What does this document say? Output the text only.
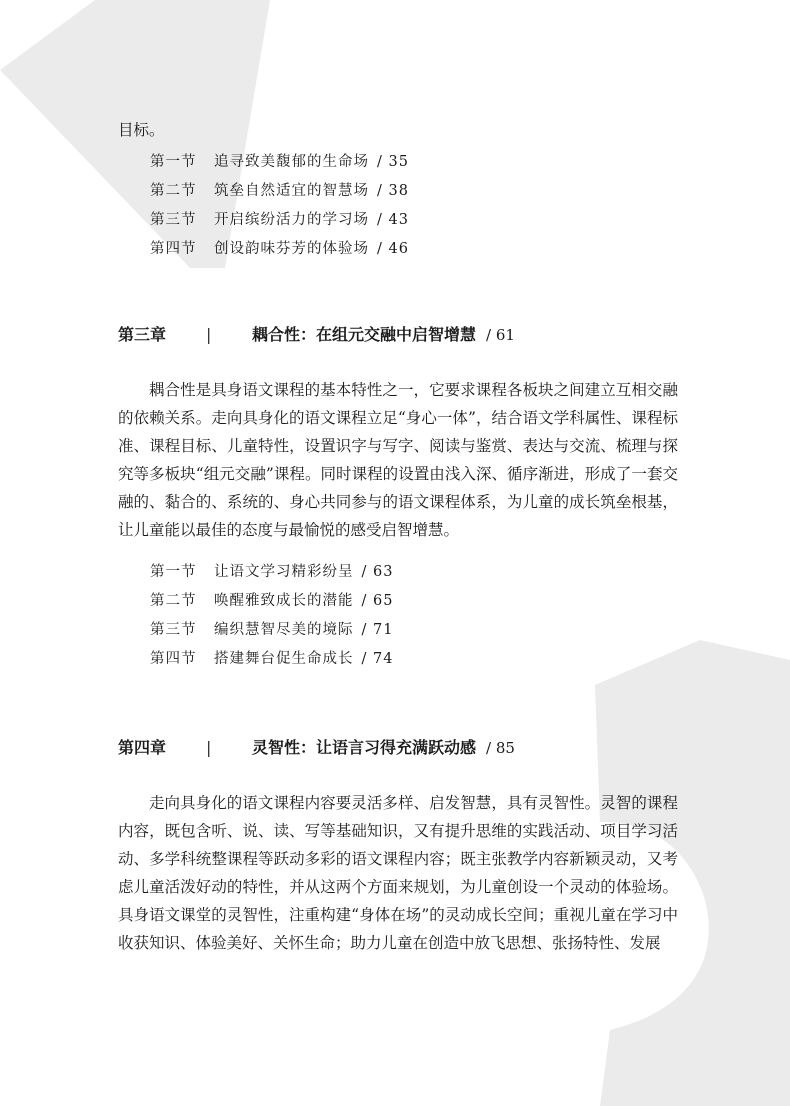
目标。
第一节 追寻致美馥郁的生命场 / 35
第二节 筑垒自然适宜的智慧场 / 38
第三节 开启缤纷活力的学习场 / 43
第四节 创设韵味芬芳的体验场 / 46
第三章 |	耦合性：在组元交融中启智增慧 / 61

耦合性是具身语文课程的基本特性之一，它要求课程各板块之间建立互相交融的依赖关系。走向具身化的语文课程立足“身心一体”，结合语文学科属性、课程标准、课程目标、儿童特性，设置识字与写字、阅读与鉴赏、表达与交流、梳理与探究等多板块“组元交融”课程。同时课程的设置由浅入深、循序渐进，形成了一套交融的、黏合的、系统的、身心共同参与的语文课程体系，为儿童的成长筑垒根基，让儿童能以最佳的态度与最愉悦的感受启智增慧。

第一节 让语文学习精彩纷呈 / 63
第二节 唤醒雅致成长的潜能 / 65
第三节 编织慧智尽美的境际 / 71
第四节 搭建舞台促生命成长 / 74
第四章 |	灵智性：让语言习得充满跃动感 / 85

走向具身化的语文课程内容要灵活多样、启发智慧，具有灵智性。灵智的课程内容，既包含听、说、读、写等基础知识，又有提升思维的实践活动、项目学习活动、多学科统整课程等跃动多彩的语文课程内容；既主张教学内容新颖灵动，又考虑儿童活泼好动的特性，并从这两个方面来规划，为儿童创设一个灵动的体验场。具身语文课堂的灵智性，注重构建“身体在场”的灵动成长空间；重视儿童在学习中收获知识、体验美好、关怀生命；助力儿童在创造中放飞思想、张扬特性、发展
